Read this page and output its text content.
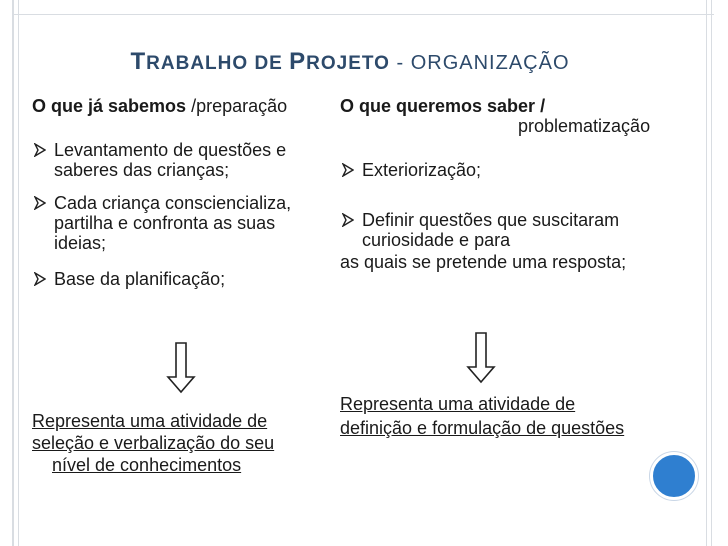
TRABALHO DE PROJETO - ORGANIZAÇÃO
O que já sabemos /preparação
Levantamento de questões e saberes das crianças;
Cada criança consciencializa, partilha e confronta as suas ideias;
Base da planificação;
Representa uma atividade de
seleção e verbalização do seu
nível de conhecimentos
O que queremos saber /
problematização
Exteriorização;
Definir questões que suscitaram curiosidade e para
as quais se pretende uma resposta;
Representa uma atividade de
definição e formulação de questões
